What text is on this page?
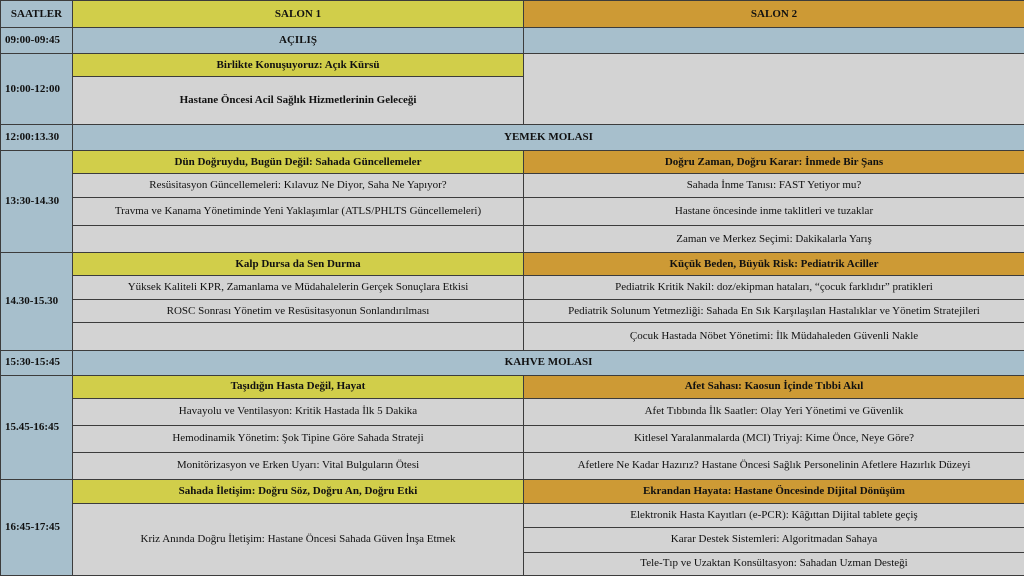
SAATLER	SALON 1	SALON 2
09:00-09:45	AÇILIŞ	
10:00-12:00	Birlikte Konuşuyoruz: Açık Kürsü	
	Hastane Öncesi Acil Sağlık Hizmetlerinin Geleceği	
12:00:13.30	YEMEK MOLASI	
13:30-14.30	Dün Doğruydu, Bugün Değil: Sahada Güncellemeler	Doğru Zaman, Doğru Karar: İnmede Bir Şans
	Resüsitasyon Güncellemeleri: Kılavuz Ne Diyor, Saha Ne Yapıyor?	Sahada İnme Tanısı: FAST Yetiyor mu?
	Travma ve Kanama Yönetiminde Yeni Yaklaşımlar (ATLS/PHLTS Güncellemeleri)	Hastane öncesinde inme taklitleri ve tuzaklar
		Zaman ve Merkez Seçimi: Dakikalarla Yarış
14.30-15.30	Kalp Dursa da Sen Durma	Küçük Beden, Büyük Risk: Pediatrik Aciller
	Yüksek Kaliteli KPR, Zamanlama ve Müdahalelerin Gerçek Sonuçlara Etkisi	Pediatrik Kritik Nakil: doz/ekipman hataları, “çocuk farklıdır” pratikleri
	ROSC Sonrası Yönetim ve Resüsitasyonun Sonlandırılması	Pediatrik Solunum Yetmezliği: Sahada En Sık Karşılaşılan Hastalıklar ve Yönetim Stratejileri
		Çocuk Hastada Nöbet Yönetimi: İlk Müdahaleden Güvenli Nakle
15:30-15:45	KAHVE MOLASI	
15.45-16:45	Taşıdığın Hasta Değil, Hayat	Afet Sahası: Kaosun İçinde Tıbbi Akıl
	Havayolu ve Ventilasyon: Kritik Hastada İlk 5 Dakika	Afet Tıbbında İlk Saatler: Olay Yeri Yönetimi ve Güvenlik
	Hemodinamik Yönetim: Şok Tipine Göre Sahada Strateji	Kitlesel Yaralanmalarda (MCI) Triyaj: Kime Önce, Neye Göre?
	Monitörizasyon ve Erken Uyarı: Vital Bulguların Ötesi	Afetlere Ne Kadar Hazırız? Hastane Öncesi Sağlık Personelinin Afetlere Hazırlık Düzeyi
16:45-17:45	Sahada İletişim: Doğru Söz, Doğru An, Doğru Etki	Ekrandan Hayata: Hastane Öncesinde Dijital Dönüşüm
	Kriz Anında Doğru İletişim: Hastane Öncesi Sahada Güven İnşa Etmek	Elektronik Hasta Kayıtları (e-PCR): Kâğıttan Dijital tablete geçiş
		Karar Destek Sistemleri: Algoritmadan Sahaya
		Tele-Tıp ve Uzaktan Konsültasyon: Sahadan Uzman Desteği
